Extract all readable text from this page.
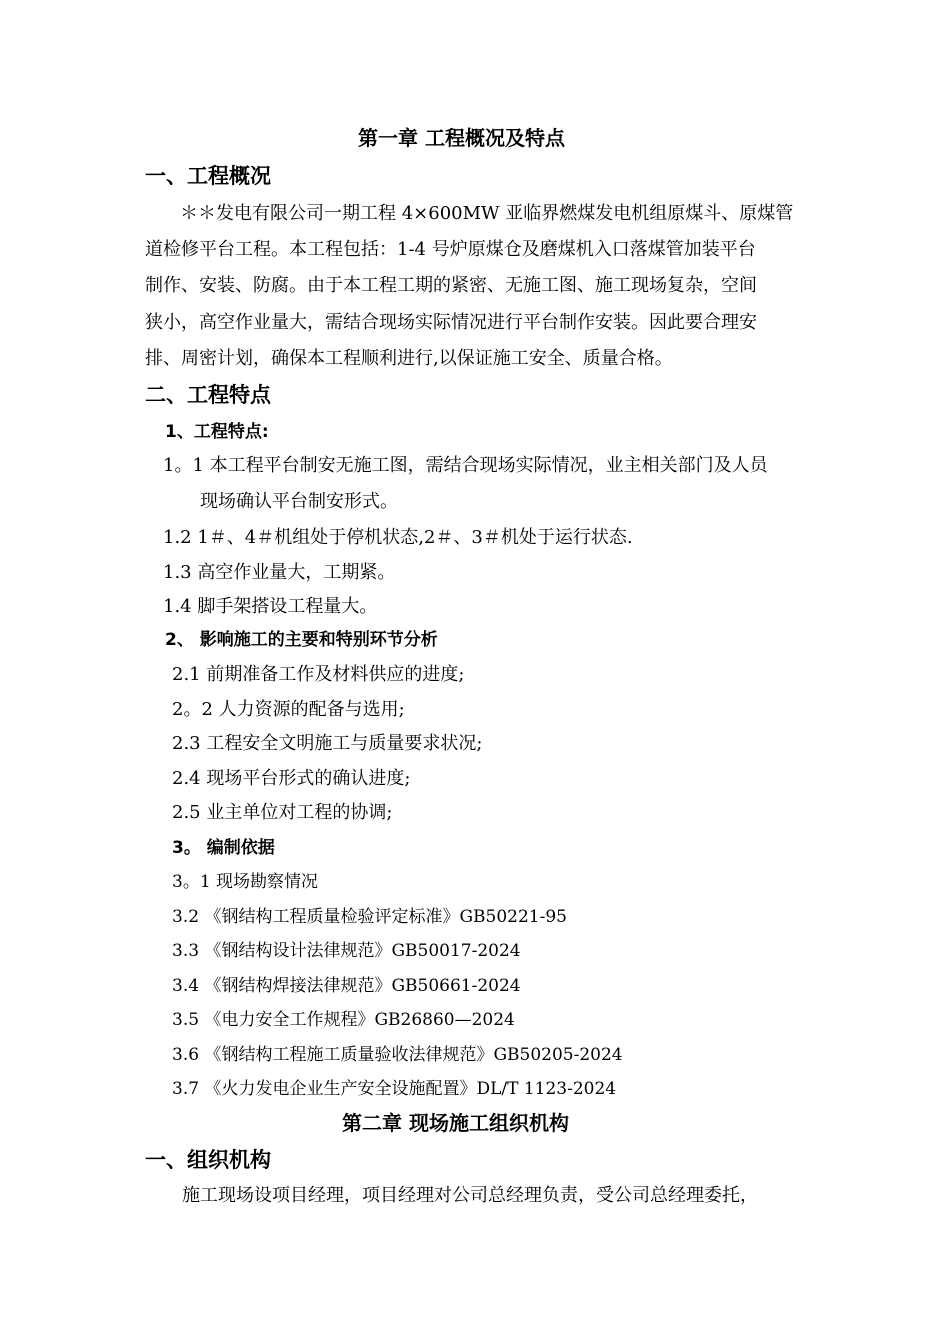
第一章 工程概况及特点
一、工程概况
＊＊发电有限公司一期工程 4×600MW 亚临界燃煤发电机组原煤斗、原煤管
道检修平台工程。本工程包括：1-4 号炉原煤仓及磨煤机入口落煤管加装平台
制作、安装、防腐。由于本工程工期的紧密、无施工图、施工现场复杂，空间
狭小，高空作业量大，需结合现场实际情况进行平台制作安装。因此要合理安
排、周密计划，确保本工程顺利进行,以保证施工安全、质量合格。
二、工程特点
1、工程特点:
1。1 本工程平台制安无施工图，需结合现场实际情况，业主相关部门及人员
现场确认平台制安形式。
1.2 1＃、4＃机组处于停机状态,2＃、3＃机处于运行状态.
1.3 高空作业量大，工期紧。
1.4 脚手架搭设工程量大。
2、 影响施工的主要和特别环节分析
2.1 前期准备工作及材料供应的进度;
2。2 人力资源的配备与选用;
2.3 工程安全文明施工与质量要求状况;
2.4 现场平台形式的确认进度;
2.5 业主单位对工程的协调;
3。 编制依据
3。1 现场勘察情况
3.2 《钢结构工程质量检验评定标准》GB50221-95
3.3 《钢结构设计法律规范》GB50017-2024
3.4 《钢结构焊接法律规范》GB50661-2024
3.5 《电力安全工作规程》GB26860—2024
3.6 《钢结构工程施工质量验收法律规范》GB50205-2024
3.7 《火力发电企业生产安全设施配置》DL/T 1123-2024
第二章 现场施工组织机构
一、组织机构
施工现场设项目经理，项目经理对公司总经理负责，受公司总经理委托，
